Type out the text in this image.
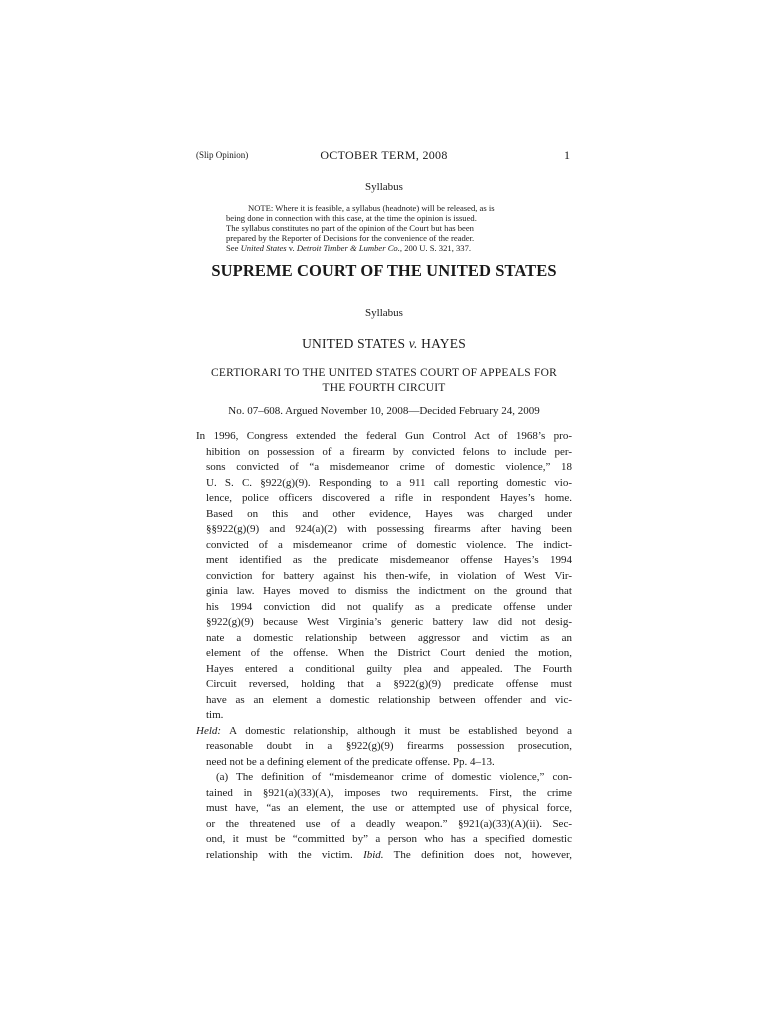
(Slip Opinion)	OCTOBER TERM, 2008	1
Syllabus
NOTE: Where it is feasible, a syllabus (headnote) will be released, as is
being done in connection with this case, at the time the opinion is issued.
The syllabus constitutes no part of the opinion of the Court but has been
prepared by the Reporter of Decisions for the convenience of the reader.
See United States v. Detroit Timber & Lumber Co., 200 U. S. 321, 337.
SUPREME COURT OF THE UNITED STATES
Syllabus
UNITED STATES v. HAYES
CERTIORARI TO THE UNITED STATES COURT OF APPEALS FOR
THE FOURTH CIRCUIT
No. 07–608. Argued November 10, 2008—Decided February 24, 2009
In 1996, Congress extended the federal Gun Control Act of 1968’s pro-
hibition on possession of a firearm by convicted felons to include per-
sons convicted of “a misdemeanor crime of domestic violence,” 18
U. S. C. §922(g)(9). Responding to a 911 call reporting domestic vio-
lence, police officers discovered a rifle in respondent Hayes’s home.
Based on this and other evidence, Hayes was charged under
§§922(g)(9) and 924(a)(2) with possessing firearms after having been
convicted of a misdemeanor crime of domestic violence. The indict-
ment identified as the predicate misdemeanor offense Hayes’s 1994
conviction for battery against his then-wife, in violation of West Vir-
ginia law. Hayes moved to dismiss the indictment on the ground that
his 1994 conviction did not qualify as a predicate offense under
§922(g)(9) because West Virginia’s generic battery law did not desig-
nate a domestic relationship between aggressor and victim as an
element of the offense. When the District Court denied the motion,
Hayes entered a conditional guilty plea and appealed. The Fourth
Circuit reversed, holding that a §922(g)(9) predicate offense must
have as an element a domestic relationship between offender and vic-
tim.
Held: A domestic relationship, although it must be established beyond a
reasonable doubt in a §922(g)(9) firearms possession prosecution,
need not be a defining element of the predicate offense. Pp. 4–13.
(a) The definition of “misdemeanor crime of domestic violence,” con-
tained in §921(a)(33)(A), imposes two requirements. First, the crime
must have, “as an element, the use or attempted use of physical force,
or the threatened use of a deadly weapon.” §921(a)(33)(A)(ii). Sec-
ond, it must be “committed by” a person who has a specified domestic
relationship with the victim. Ibid. The definition does not, however,
